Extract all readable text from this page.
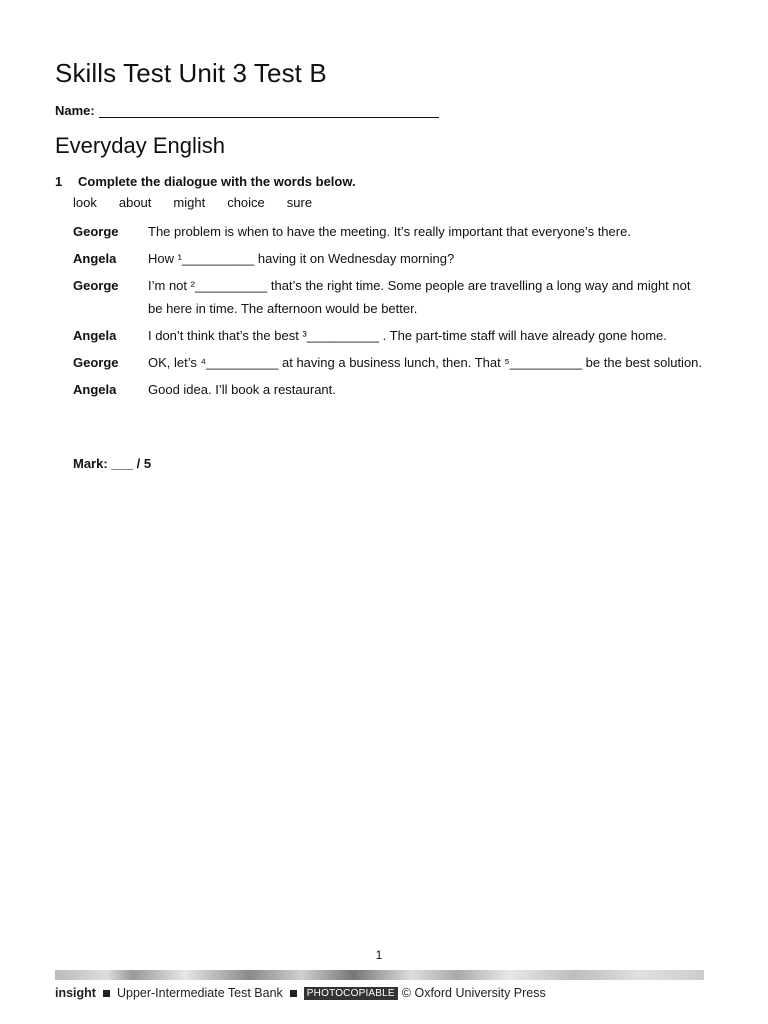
Skills Test Unit 3 Test B
Name:
Everyday English
1 Complete the dialogue with the words below.
look about might choice sure
George	The problem is when to have the meeting. It’s really important that everyone’s there.
Angela	How ¹__________ having it on Wednesday morning?
George	I’m not ²__________ that’s the right time. Some people are travelling a long way and might not be here in time. The afternoon would be better.
Angela	I don’t think that’s the best ³__________ . The part-time staff will have already gone home.
George	OK, let’s ⁴__________ at having a business lunch, then. That ⁵__________ be the best solution.
Angela	Good idea. I’ll book a restaurant.
Mark: ___ / 5
1
insight Upper-Intermediate Test Bank	PHOTOCOPIABLE © Oxford University Press
